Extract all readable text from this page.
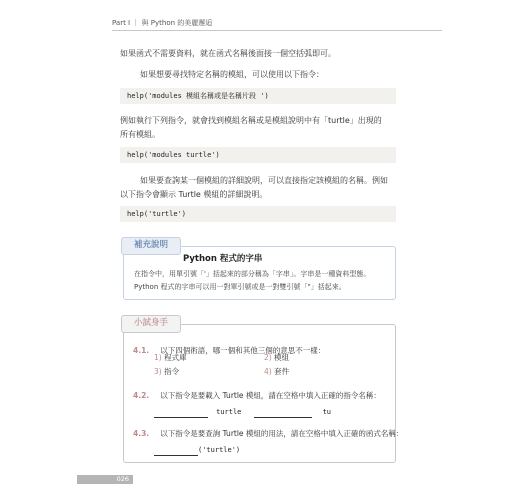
Part Ⅰ ｜ 與 Python 的美麗邂逅
如果函式不需要資料，就在函式名稱後面接一個空括弧即可。
如果想要尋找特定名稱的模組，可以使用以下指令：
help('modules 模組名稱或是名稱片段 ')
例如執行下列指令，就會找到模組名稱或是模組說明中有「turtle」出現的
所有模組。
help('modules turtle')
如果要查詢某一個模組的詳細說明，可以直接指定該模組的名稱。例如
以下指令會顯示 Turtle 模組的詳細說明。
help('turtle')
補充說明
Python 程式的字串
在指令中，用單引號「'」括起來的部分稱為「字串」。字串是一種資料型態。
Python 程式的字串可以用一對單引號或是一對雙引號「"」括起來。
小試身手
4.1. 以下四個術語，哪一個和其他三個的意思不一樣：
1) 程式庫	2) 模組
3) 指令	4) 套件
4.2. 以下指令是要載入 Turtle 模組，請在空格中填入正確的指令名稱：
turtle	tu
4.3. 以下指令是要查詢 Turtle 模組的用法，請在空格中填入正確的函式名稱：
('turtle')
026
